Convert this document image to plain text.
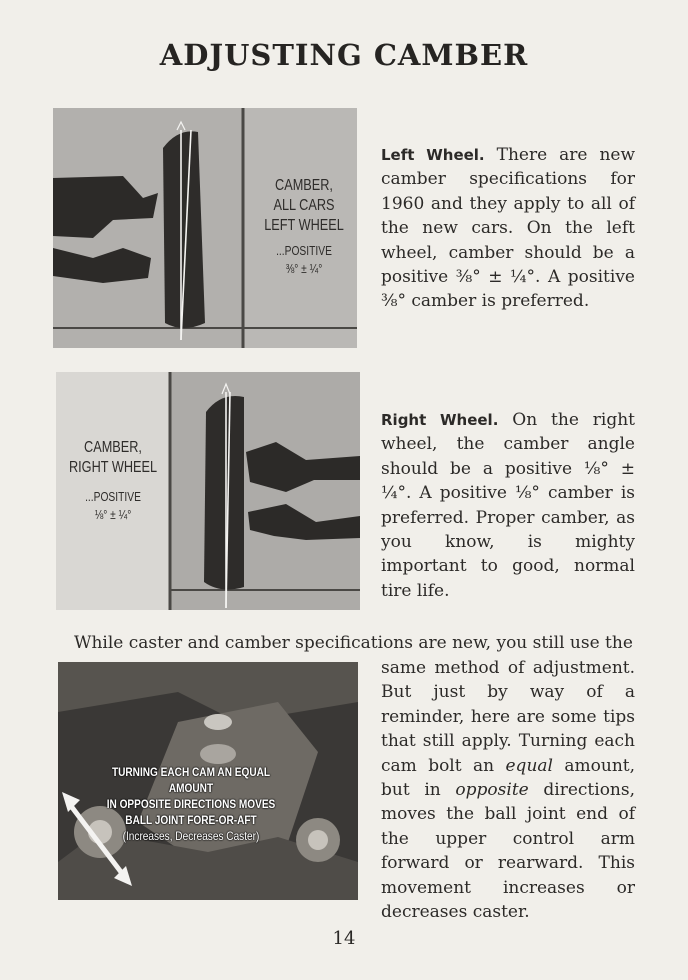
ADJUSTING CAMBER
CAMBER,
ALL CARS
LEFT WHEEL
...POSITIVE
⅜° ± ¼°
Left Wheel. There are new camber specifications for 1960 and they apply to all of the new cars. On the left wheel, camber should be a positive ⅜° ± ¼°. A positive ⅜° camber is preferred.
CAMBER,
RIGHT WHEEL
...POSITIVE
⅛° ± ¼°
Right Wheel. On the right wheel, the camber angle should be a positive ⅛° ± ¼°. A positive ⅛° camber is preferred. Proper camber, as you know, is mighty important to good, normal tire life.
While caster and camber specifications are new, you still use the
TURNING EACH CAM AN EQUAL AMOUNT
IN OPPOSITE DIRECTIONS MOVES
BALL JOINT FORE-OR-AFT
(Increases, Decreases Caster)
same method of adjustment. But just by way of a reminder, here are some tips that still apply. Turning each cam bolt an equal amount, but in opposite directions, moves the ball joint end of the upper control arm forward or rearward. This movement increases or decreases caster.
14
